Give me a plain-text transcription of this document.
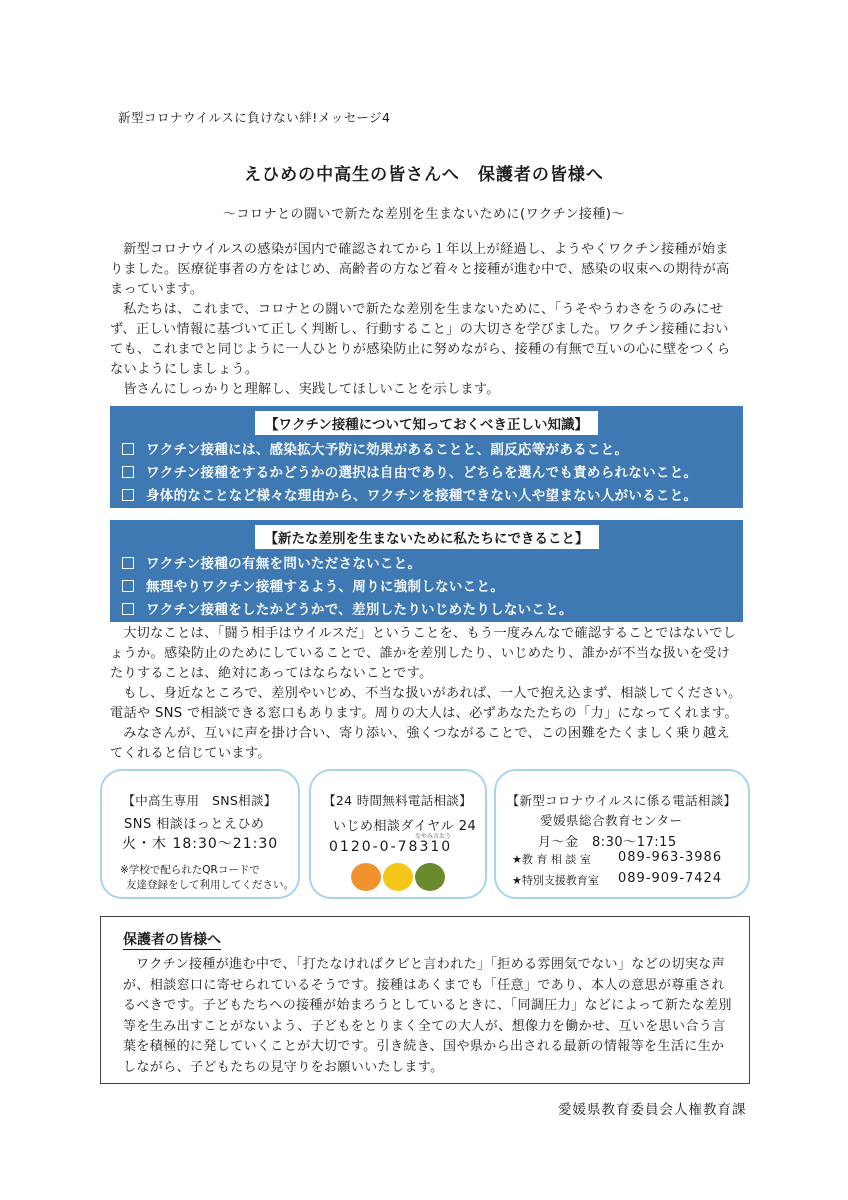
新型コロナウイルスに負けない絆!メッセージ4
えひめの中高生の皆さんへ　保護者の皆様へ
～コロナとの闘いで新たな差別を生まないために(ワクチン接種)～

新型コロナウイルスの感染が国内で確認されてから１年以上が経過し、ようやくワクチン接種が始まりました。医療従事者の方をはじめ、高齢者の方など着々と接種が進む中で、感染の収束への期待が高まっています。

私たちは、これまで、コロナとの闘いで新たな差別を生まないために、「うそやうわさをうのみにせず、正しい情報に基づいて正しく判断し、行動すること」の大切さを学びました。ワクチン接種においても、これまでと同じように一人ひとりが感染防止に努めながら、接種の有無で互いの心に壁をつくらないようにしましょう。

皆さんにしっかりと理解し、実践してほしいことを示します。

【ワクチン接種について知っておくべき正しい知識】
ワクチン接種には、感染拡大予防に効果があることと、副反応等があること。
ワクチン接種をするかどうかの選択は自由であり、どちらを選んでも責められないこと。
身体的なことなど様々な理由から、ワクチンを接種できない人や望まない人がいること。
【新たな差別を生まないために私たちにできること】
ワクチン接種の有無を問いたださないこと。
無理やりワクチン接種するよう、周りに強制しないこと。
ワクチン接種をしたかどうかで、差別したりいじめたりしないこと。

大切なことは、「闘う相手はウイルスだ」ということを、もう一度みんなで確認することではないでしょうか。感染防止のためにしていることで、誰かを差別したり、いじめたり、誰かが不当な扱いを受けたりすることは、絶対にあってはならないことです。

もし、身近なところで、差別やいじめ、不当な扱いがあれば、一人で抱え込まず、相談してください。電話や SNS で相談できる窓口もあります。周りの大人は、必ずあなたたちの「力」になってくれます。

みなさんが、互いに声を掛け合い、寄り添い、強くつながることで、この困難をたくましく乗り越えてくれると信じています。

【中高生専用　SNS相談】
SNS 相談ほっとえひめ
火・木 18:30～21:30
※学校で配られたQRコードで
友達登録をして利用してください。
【24 時間無料電話相談】
いじめ相談ダイヤル 24
なやみ言おう
0120-0-78310
【新型コロナウイルスに係る電話相談】
愛媛県総合教育センター
月～金　8:30～17:15
★教 育 相 談 室 089-963-3986
★特別支援教育室 089-909-7424
保護者の皆様へ
ワクチン接種が進む中で、「打たなければクビと言われた」「拒める雰囲気でない」などの切実な声が、相談窓口に寄せられているそうです。接種はあくまでも「任意」であり、本人の意思が尊重されるべきです。子どもたちへの接種が始まろうとしているときに、「同調圧力」などによって新たな差別等を生み出すことがないよう、子どもをとりまく全ての大人が、想像力を働かせ、互いを思い合う言葉を積極的に発していくことが大切です。引き続き、国や県から出される最新の情報等を生活に生かしながら、子どもたちの見守りをお願いいたします。
愛媛県教育委員会人権教育課
